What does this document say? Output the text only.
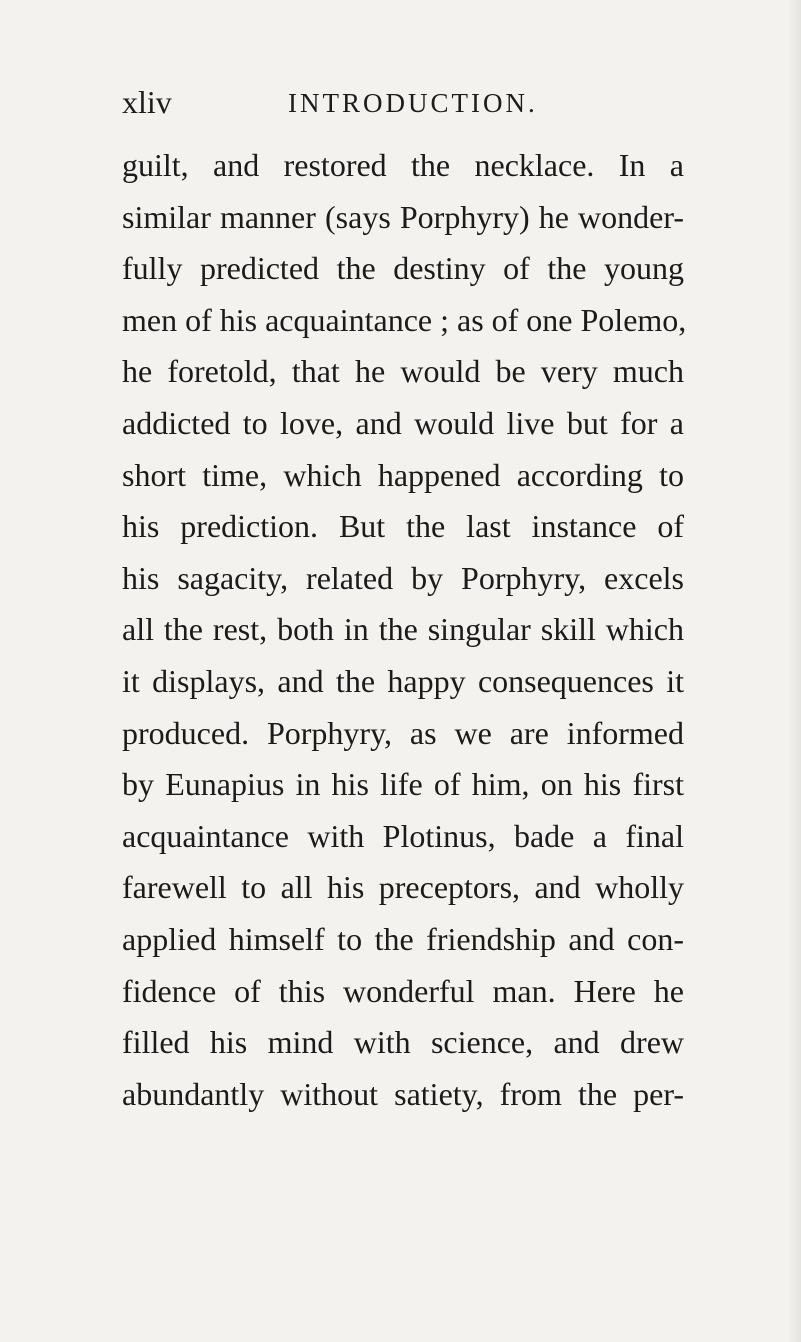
xliv	INTRODUCTION.
guilt, and restored the necklace. In a
similar manner (says Porphyry) he wonder-
fully predicted the destiny of the young
men of his acquaintance ; as of one Polemo,
he foretold, that he would be very much
addicted to love, and would live but for a
short time, which happened according to
his prediction. But the last instance of
his sagacity, related by Porphyry, excels
all the rest, both in the singular skill which
it displays, and the happy consequences it
produced. Porphyry, as we are informed
by Eunapius in his life of him, on his first
acquaintance with Plotinus, bade a final
farewell to all his preceptors, and wholly
applied himself to the friendship and con-
fidence of this wonderful man. Here he
filled his mind with science, and drew
abundantly without satiety, from the per-
